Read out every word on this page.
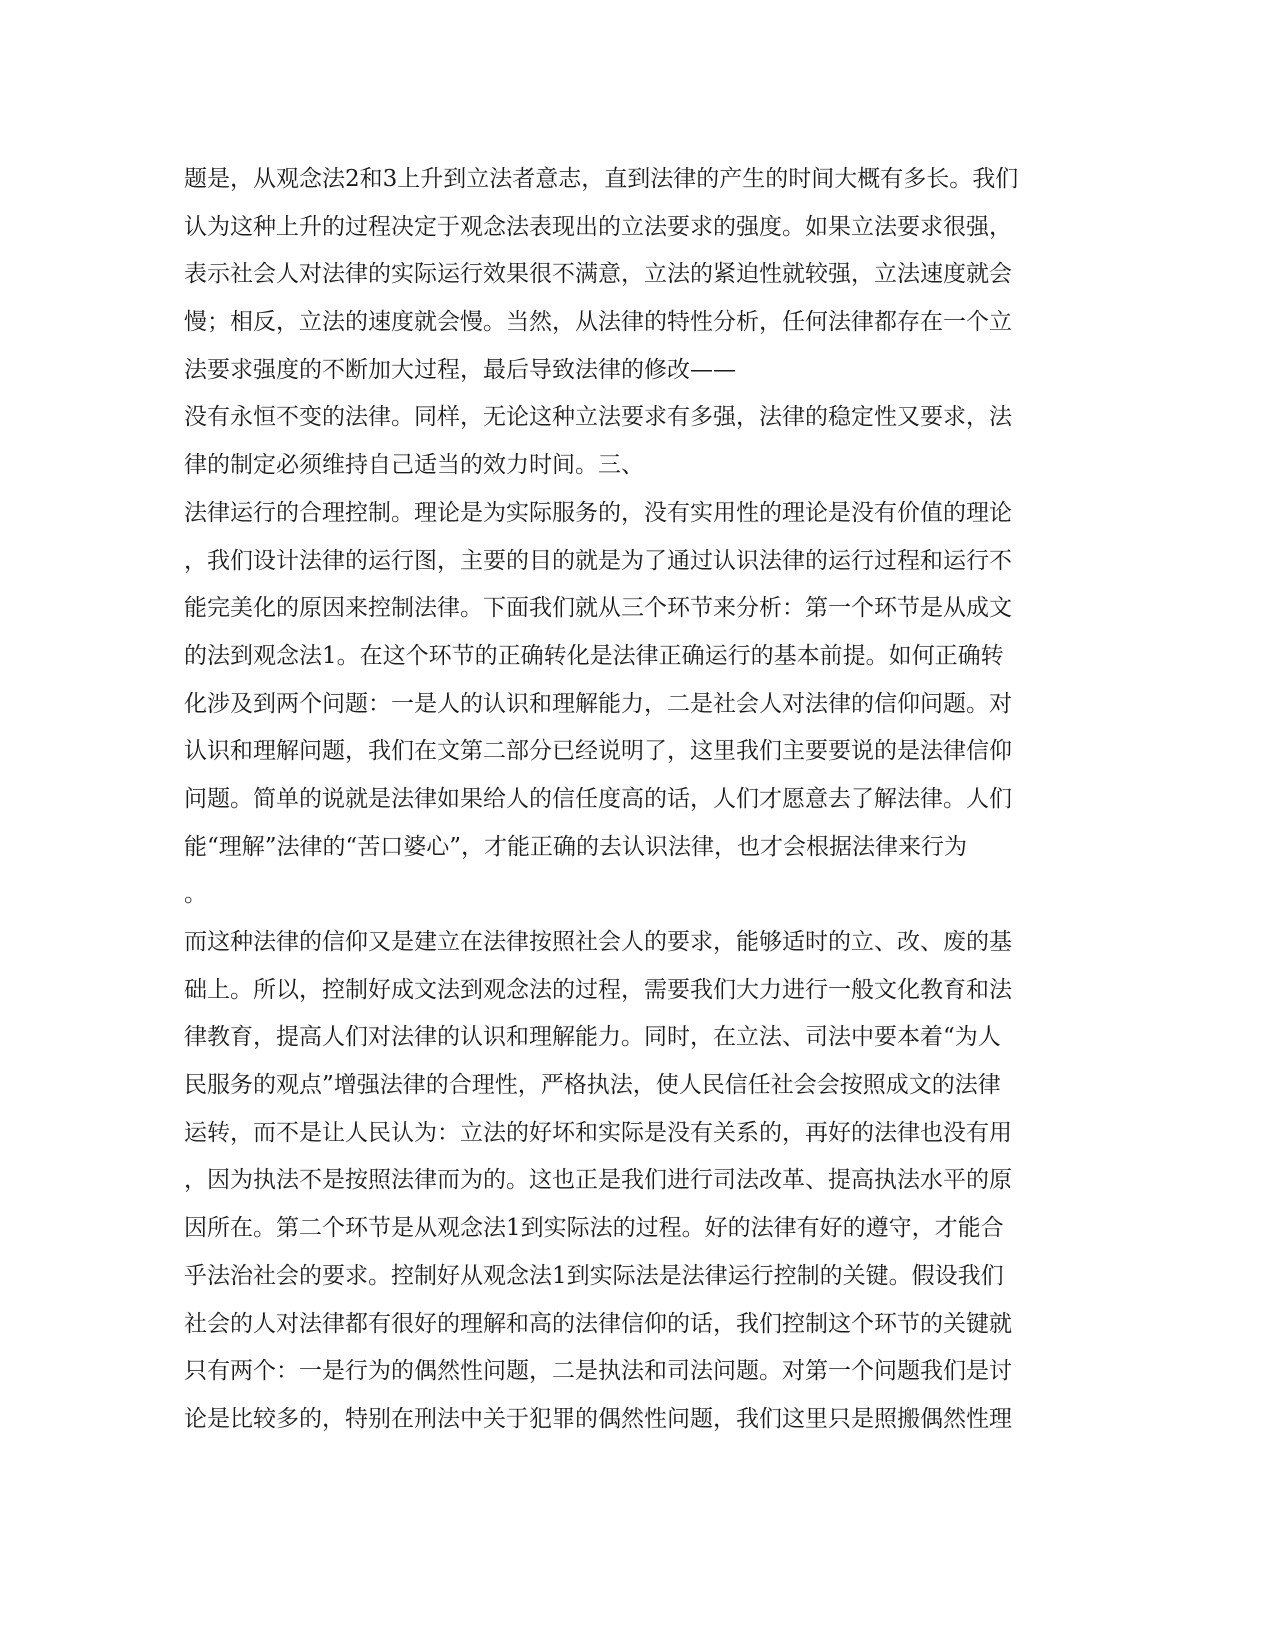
题是，从观念法2和3上升到立法者意志，直到法律的产生的时间大概有多长。我们
认为这种上升的过程决定于观念法表现出的立法要求的强度。如果立法要求很强，
表示社会人对法律的实际运行效果很不满意，立法的紧迫性就较强，立法速度就会
慢；相反，立法的速度就会慢。当然，从法律的特性分析，任何法律都存在一个立
法要求强度的不断加大过程，最后导致法律的修改——
没有永恒不变的法律。同样，无论这种立法要求有多强，法律的稳定性又要求，法
律的制定必须维持自己适当的效力时间。三、
法律运行的合理控制。理论是为实际服务的，没有实用性的理论是没有价值的理论
，我们设计法律的运行图，主要的目的就是为了通过认识法律的运行过程和运行不
能完美化的原因来控制法律。下面我们就从三个环节来分析：第一个环节是从成文
的法到观念法1。在这个环节的正确转化是法律正确运行的基本前提。如何正确转
化涉及到两个问题：一是人的认识和理解能力，二是社会人对法律的信仰问题。对
认识和理解问题，我们在文第二部分已经说明了，这里我们主要要说的是法律信仰
问题。简单的说就是法律如果给人的信任度高的话，人们才愿意去了解法律。人们
能“理解”法律的“苦口婆心”，才能正确的去认识法律，也才会根据法律来行为
。
而这种法律的信仰又是建立在法律按照社会人的要求，能够适时的立、改、废的基
础上。所以，控制好成文法到观念法的过程，需要我们大力进行一般文化教育和法
律教育，提高人们对法律的认识和理解能力。同时，在立法、司法中要本着“为人
民服务的观点”增强法律的合理性，严格执法，使人民信任社会会按照成文的法律
运转，而不是让人民认为：立法的好坏和实际是没有关系的，再好的法律也没有用
，因为执法不是按照法律而为的。这也正是我们进行司法改革、提高执法水平的原
因所在。第二个环节是从观念法1到实际法的过程。好的法律有好的遵守，才能合
乎法治社会的要求。控制好从观念法1到实际法是法律运行控制的关键。假设我们
社会的人对法律都有很好的理解和高的法律信仰的话，我们控制这个环节的关键就
只有两个：一是行为的偶然性问题，二是执法和司法问题。对第一个问题我们是讨
论是比较多的，特别在刑法中关于犯罪的偶然性问题，我们这里只是照搬偶然性理
